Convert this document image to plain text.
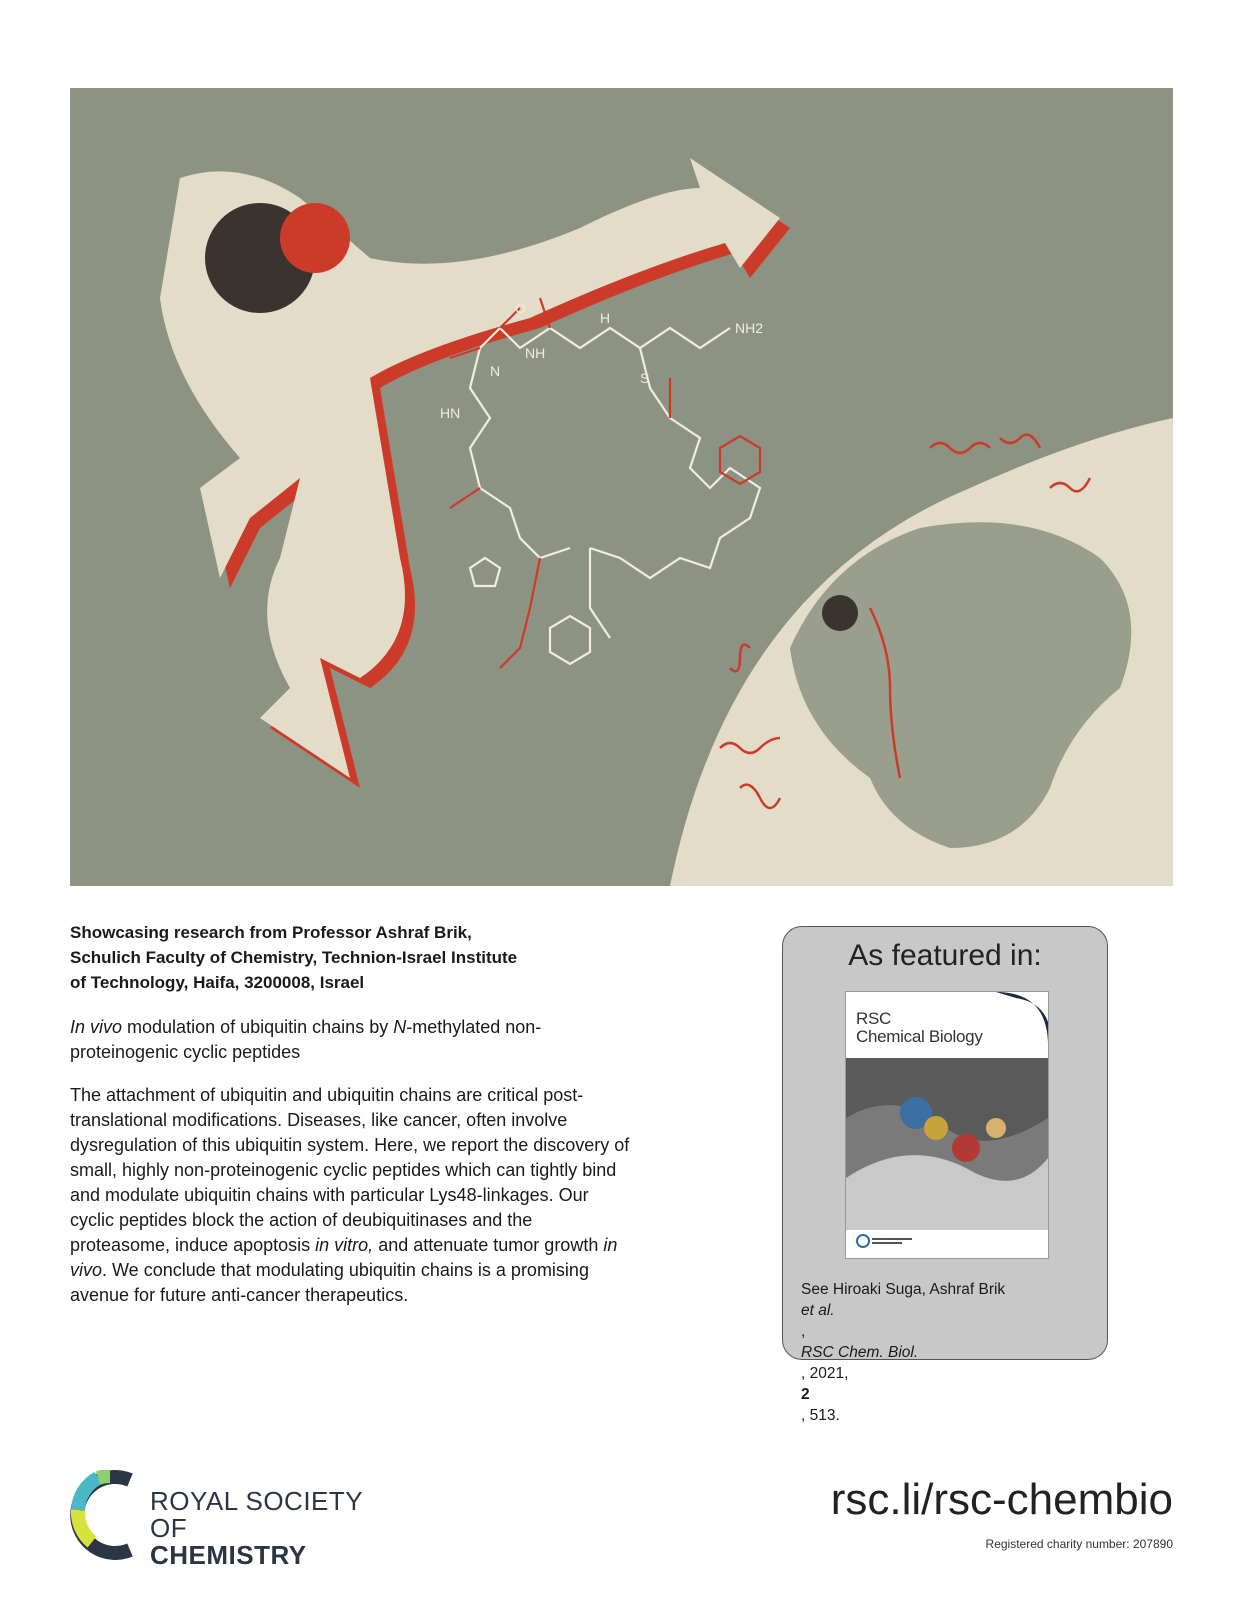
NH
N
O
H
S
NH2
HN

Showcasing research from Professor Ashraf Brik,
Schulich Faculty of Chemistry, Technion-Israel Institute
of Technology, Haifa, 3200008, Israel

In vivo modulation of ubiquitin chains by N-methylated non-proteinogenic cyclic peptides

The attachment of ubiquitin and ubiquitin chains are critical post-translational modifications. Diseases, like cancer, often involve dysregulation of this ubiquitin system. Here, we report the discovery of small, highly non-proteinogenic cyclic peptides which can tightly bind and modulate ubiquitin chains with particular Lys48-linkages. Our cyclic peptides block the action of deubiquitinases and the proteasome, induce apoptosis in vitro, and attenuate tumor growth in vivo. We conclude that modulating ubiquitin chains is a promising avenue for future anti-cancer therapeutics.

As featured in:
RSC
Chemical Biology
See Hiroaki Suga, Ashraf Brik
et al.
,
RSC Chem. Biol.
, 2021,
2
, 513.
ROYAL SOCIETY
OF
CHEMISTRY
rsc.li/rsc-chembio
Registered charity number: 207890
